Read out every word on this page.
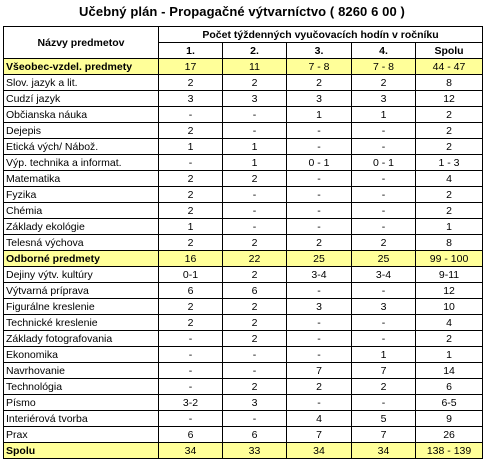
Učebný plán - Propagačné výtvarníctvo ( 8260 6 00 )
Názvy predmetov	Počet týždenných vyučovacích hodín v ročníku				
	1.	2.	3.	4.	Spolu
Všeobec-vzdel. predmety	17	11	7 - 8	7 - 8	44 - 47
Slov. jazyk a lit.	2	2	2	2	8
Cudzí jazyk	3	3	3	3	12
Občianska náuka	-	-	1	1	2
Dejepis	2	-	-	-	2
Etická vých/ Nábož.	1	1	-	-	2
Výp. technika a informat.	-	1	0 - 1	0 - 1	1 - 3
Matematika	2	2	-	-	4
Fyzika	2	-	-	-	2
Chémia	2	-	-	-	2
Základy ekológie	1	-	-	-	1
Telesná výchova	2	2	2	2	8
Odborné predmety	16	22	25	25	99 - 100
Dejiny výtv. kultúry	0-1	2	3-4	3-4	9-11
Výtvarná príprava	6	6	-	-	12
Figurálne kreslenie	2	2	3	3	10
Technické kreslenie	2	2	-	-	4
Základy fotografovania	-	2	-	-	2
Ekonomika	-	-	-	1	1
Navrhovanie	-	-	7	7	14
Technológia	-	2	2	2	6
Písmo	3-2	3	-	-	6-5
Interiérová tvorba	-	-	4	5	9
Prax	6	6	7	7	26
Spolu	34	33	34	34	138 - 139
